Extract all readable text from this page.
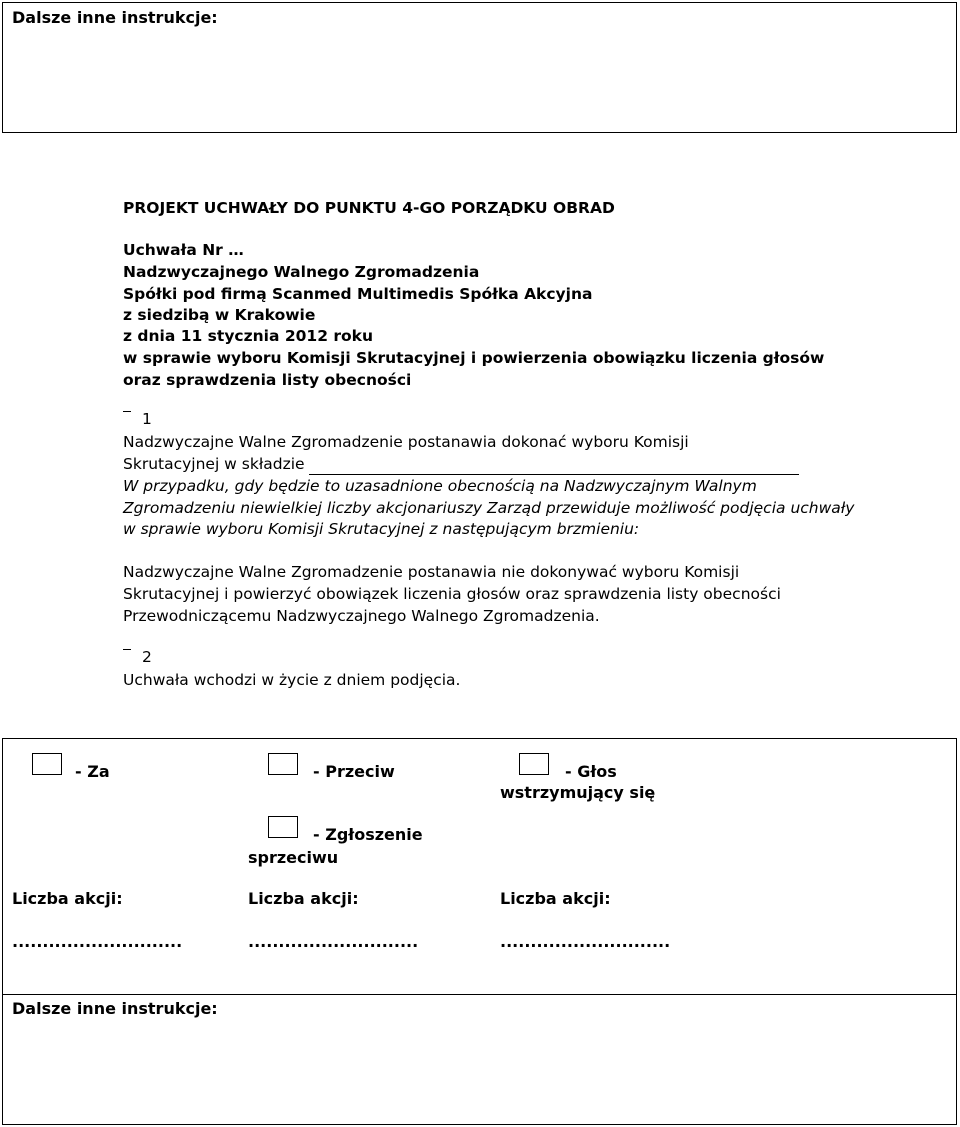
Dalsze inne instrukcje:
PROJEKT UCHWAŁY DO PUNKTU 4-GO PORZĄDKU OBRAD
Uchwała Nr …
Nadzwyczajnego Walnego Zgromadzenia
Spółki pod firmą Scanmed Multimedis Spółka Akcyjna
z siedzibą w Krakowie
z dnia 11 stycznia 2012 roku
w sprawie wyboru Komisji Skrutacyjnej i powierzenia obowiązku liczenia głosów
oraz sprawdzenia listy obecności
1
Nadzwyczajne Walne Zgromadzenie postanawia dokonać wyboru Komisji
Skrutacyjnej w składzie
W przypadku, gdy będzie to uzasadnione obecnością na Nadzwyczajnym Walnym
Zgromadzeniu niewielkiej liczby akcjonariuszy Zarząd przewiduje możliwość podjęcia uchwały
w sprawie wyboru Komisji Skrutacyjnej z następującym brzmieniu:
Nadzwyczajne Walne Zgromadzenie postanawia nie dokonywać wyboru Komisji
Skrutacyjnej i powierzyć obowiązek liczenia głosów oraz sprawdzenia listy obecności
Przewodniczącemu Nadzwyczajnego Walnego Zgromadzenia.
2
Uchwała wchodzi w życie z dniem podjęcia.
- Za	- Przeciw	- Głos
wstrzymujący się
- Zgłoszenie
sprzeciwu
Liczba akcji:	Liczba akcji:	Liczba akcji:
............................	............................	............................
Dalsze inne instrukcje:
